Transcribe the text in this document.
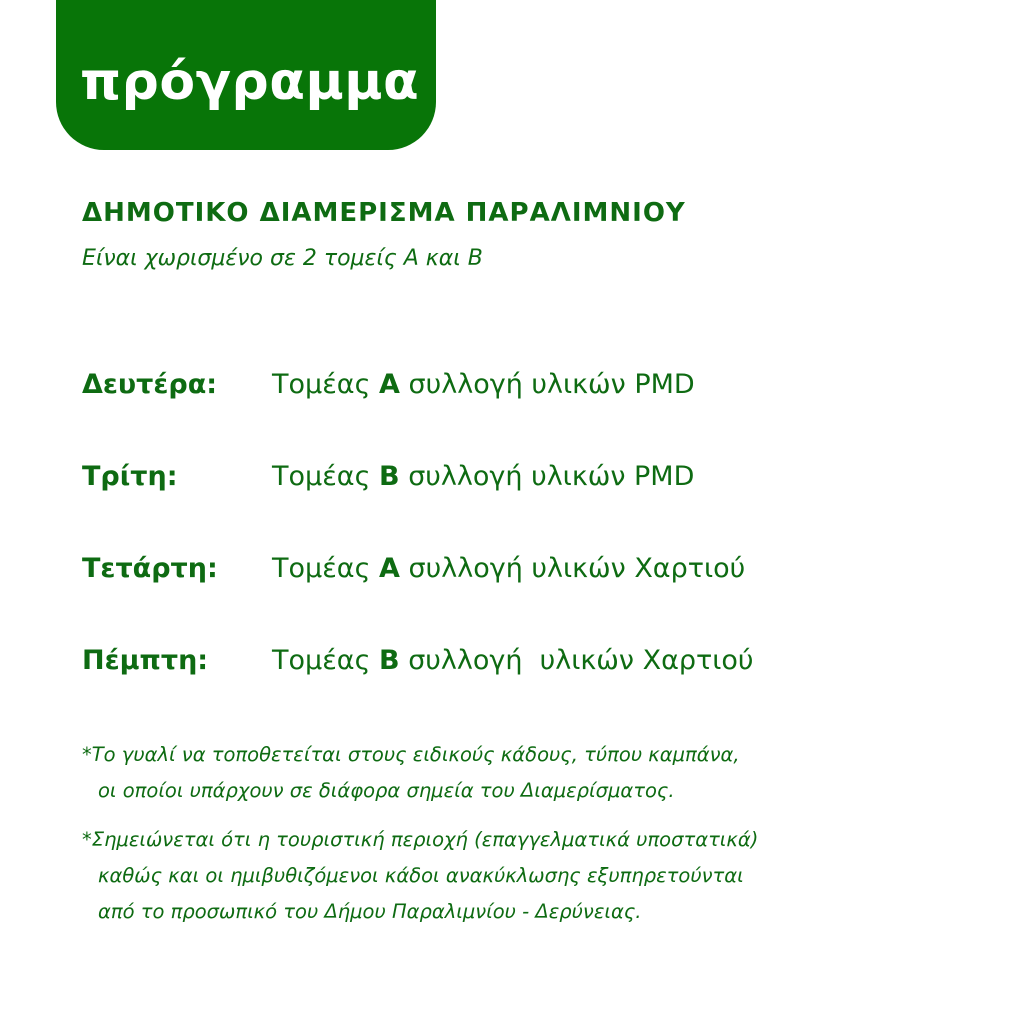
πρόγραμμα
ΔΗΜΟΤΙΚΟ ΔΙΑΜΕΡΙΣΜΑ ΠΑΡΑΛΙΜΝΙΟΥ
Είναι χωρισμένο σε 2 τομείς Α και Β
Δευτέρα: Τομέας Α συλλογή υλικών PMD
Τρίτη:	Τομέας Β συλλογή υλικών PMD
Τετάρτη: Τομέας Α συλλογή υλικών Χαρτιού
Πέμπτη: Τομέας Β συλλογή  υλικών Χαρτιού
*Το γυαλί να τοποθετείται στους ειδικούς κάδους, τύπου καμπάνα,
οι οποίοι υπάρχουν σε διάφορα σημεία του Διαμερίσματος.
*Σημειώνεται ότι η τουριστική περιοχή (επαγγελματικά υποστατικά)
καθώς και οι ημιβυθιζόμενοι κάδοι ανακύκλωσης εξυπηρετούνται
από το προσωπικό του Δήμου Παραλιμνίου - Δερύνειας.
